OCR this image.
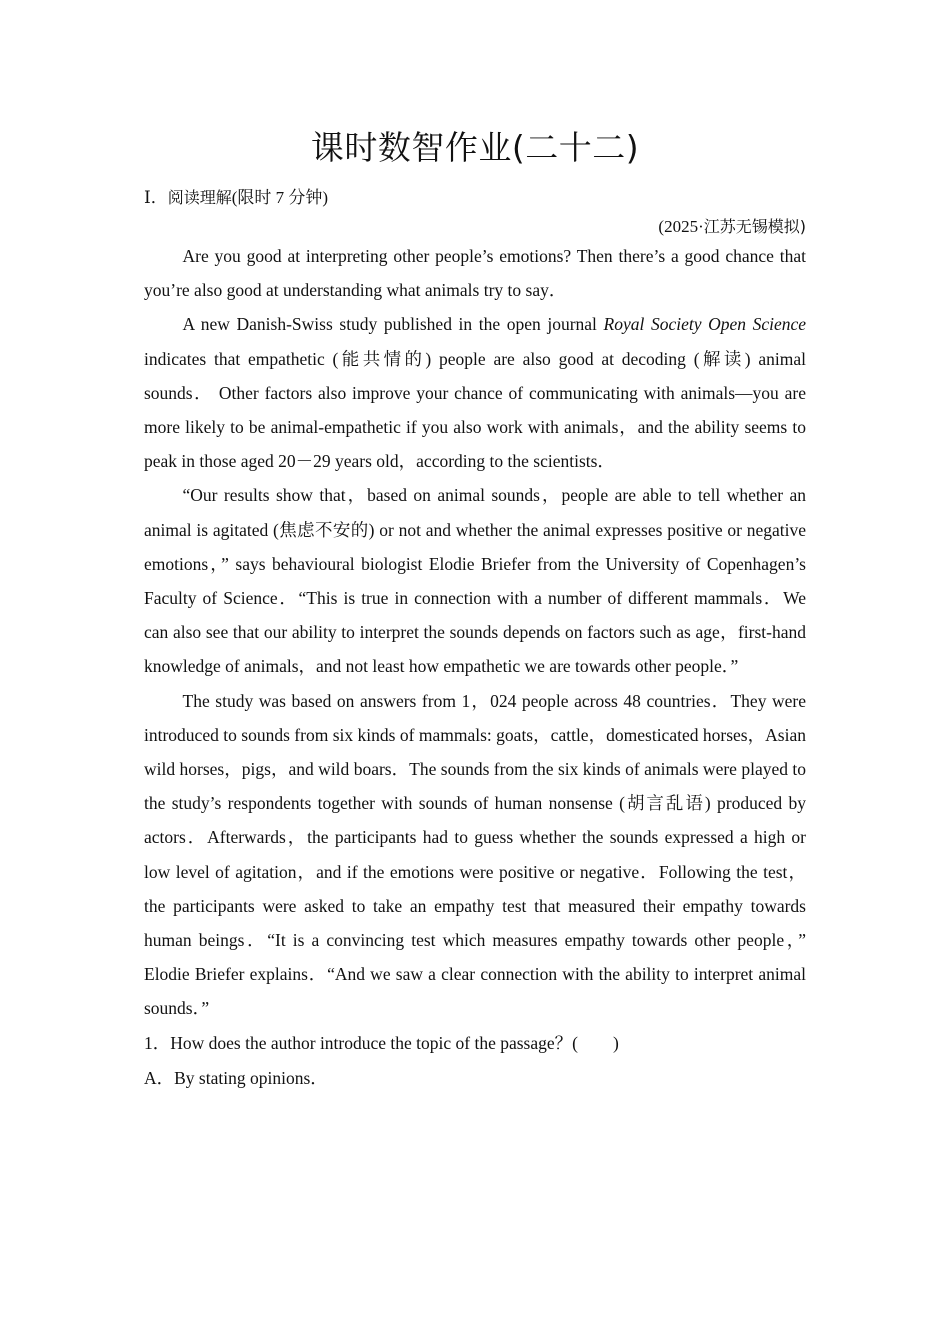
课时数智作业(二十二)
Ⅰ．阅读理解(限时 7 分钟)
(2025·江苏无锡模拟)

Are you good at interpreting other people’s emotions? Then there’s a good chance that you’re also good at understanding what animals try to say．

A new Danish-Swiss study published in the open journal Royal Society Open Science indicates that empathetic (能共情的) people are also good at decoding (解读) animal sounds． Other factors also improve your chance of communicating with animals—you are more likely to be animal-empathetic if you also work with animals，and the ability seems to peak in those aged 20－29 years old，according to the scientists．

“Our results show that，based on animal sounds，people are able to tell whether an animal is agitated (焦虑不安的) or not and whether the animal expresses positive or negative emotions，” says behavioural biologist Elodie Briefer from the University of Copenhagen’s Faculty of Science．“This is true in connection with a number of different mammals．We can also see that our ability to interpret the sounds depends on factors such as age，first-hand knowledge of animals，and not least how empathetic we are towards other people．”

The study was based on answers from 1，024 people across 48 countries．They were introduced to sounds from six kinds of mammals: goats，cattle，domesticated horses，Asian wild horses，pigs，and wild boars．The sounds from the six kinds of animals were played to the study’s respondents together with sounds of human nonsense (胡言乱语) produced by actors．Afterwards，the participants had to guess whether the sounds expressed a high or low level of agitation，and if the emotions were positive or negative．Following the test，the participants were asked to take an empathy test that measured their empathy towards human beings．“It is a convincing test which measures empathy towards other people，” Elodie Briefer explains．“And we saw a clear connection with the ability to interpret animal sounds．”

1．How does the author introduce the topic of the passage？(　　)

A．By stating opinions．
